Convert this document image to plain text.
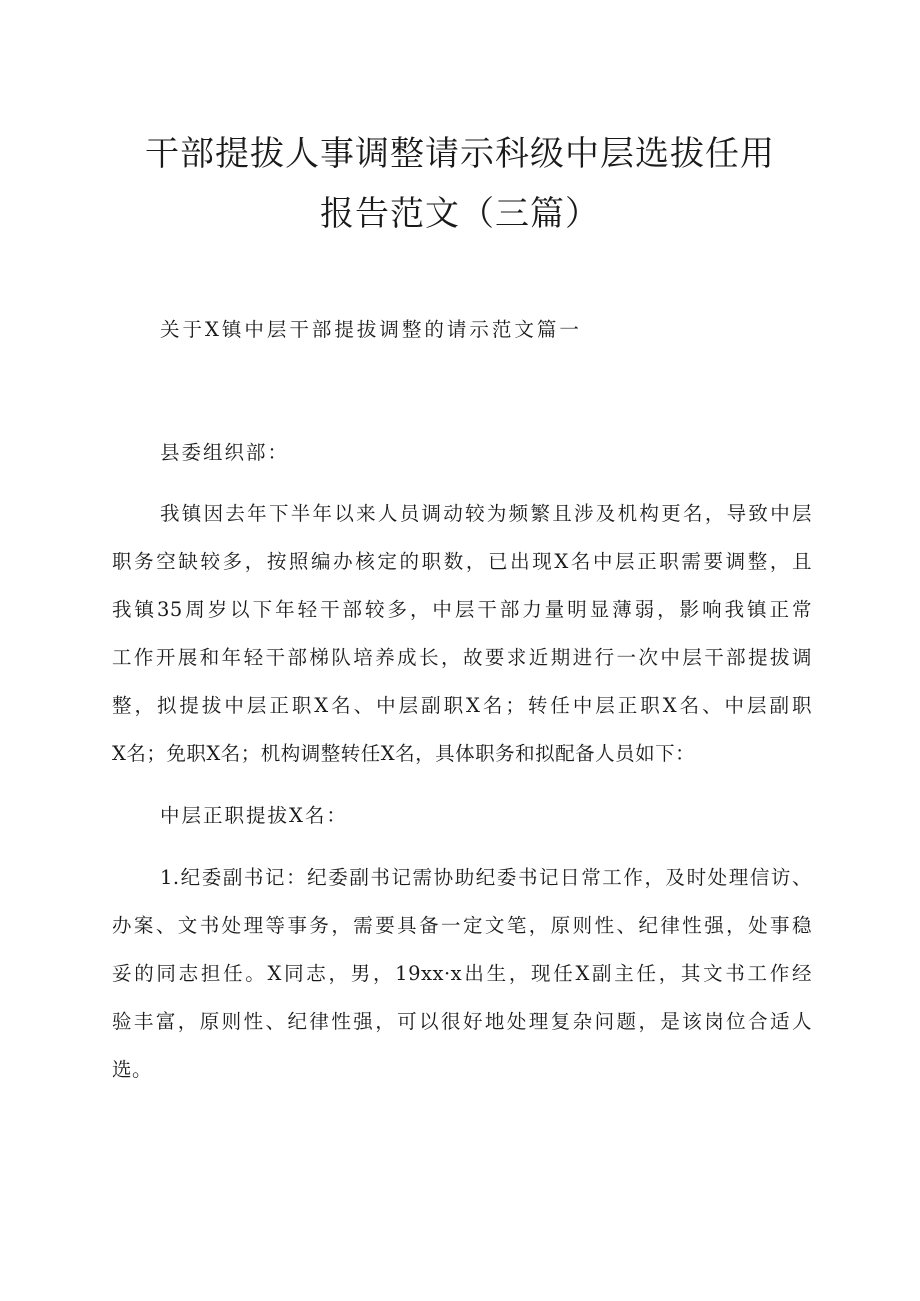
干部提拔人事调整请示科级中层选拔任用
报告范文（三篇）

关于X镇中层干部提拔调整的请示范文篇一

县委组织部：

我镇因去年下半年以来人员调动较为频繁且涉及机构更名，导致中层

职务空缺较多，按照编办核定的职数，已出现X名中层正职需要调整，且

我镇35周岁以下年轻干部较多，中层干部力量明显薄弱，影响我镇正常

工作开展和年轻干部梯队培养成长，故要求近期进行一次中层干部提拔调

整，拟提拔中层正职X名、中层副职X名；转任中层正职X名、中层副职

X名；免职X名；机构调整转任X名，具体职务和拟配备人员如下：

中层正职提拔X名：

1.纪委副书记：纪委副书记需协助纪委书记日常工作，及时处理信访、

办案、文书处理等事务，需要具备一定文笔，原则性、纪律性强，处事稳

妥的同志担任。X同志，男，19xx·x出生，现任X副主任，其文书工作经

验丰富，原则性、纪律性强，可以很好地处理复杂问题，是该岗位合适人

选。
